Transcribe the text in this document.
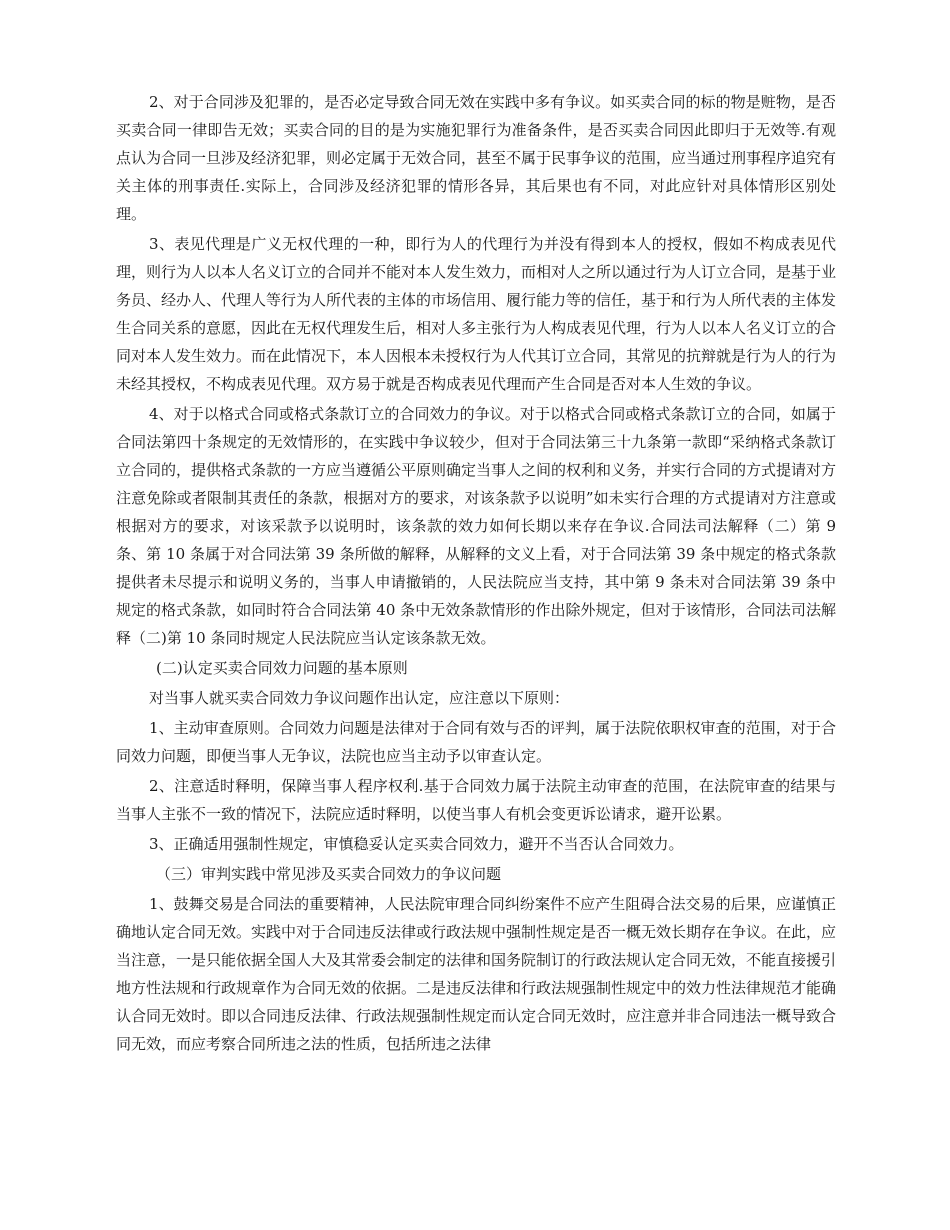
2、对于合同涉及犯罪的，是否必定导致合同无效在实践中多有争议。如买卖合同的标的物是赃物，是否买卖合同一律即告无效；买卖合同的目的是为实施犯罪行为准备条件，是否买卖合同因此即归于无效等.有观点认为合同一旦涉及经济犯罪，则必定属于无效合同，甚至不属于民事争议的范围，应当通过刑事程序追究有关主体的刑事责任.实际上，合同涉及经济犯罪的情形各异，其后果也有不同，对此应针对具体情形区别处理。

3、表见代理是广义无权代理的一种，即行为人的代理行为并没有得到本人的授权，假如不构成表见代理，则行为人以本人名义订立的合同并不能对本人发生效力，而相对人之所以通过行为人订立合同，是基于业务员、经办人、代理人等行为人所代表的主体的市场信用、履行能力等的信任，基于和行为人所代表的主体发生合同关系的意愿，因此在无权代理发生后，相对人多主张行为人构成表见代理，行为人以本人名义订立的合同对本人发生效力。而在此情况下，本人因根本未授权行为人代其订立合同，其常见的抗辩就是行为人的行为未经其授权，不构成表见代理。双方易于就是否构成表见代理而产生合同是否对本人生效的争议。

4、对于以格式合同或格式条款订立的合同效力的争议。对于以格式合同或格式条款订立的合同，如属于合同法第四十条规定的无效情形的，在实践中争议较少，但对于合同法第三十九条第一款即“采纳格式条款订立合同的，提供格式条款的一方应当遵循公平原则确定当事人之间的权利和义务，并实行合同的方式提请对方注意免除或者限制其责任的条款，根据对方的要求，对该条款予以说明”如未实行合理的方式提请对方注意或根据对方的要求，对该采款予以说明时，该条款的效力如何长期以来存在争议.合同法司法解释（二）第 9 条、第 10 条属于对合同法第 39 条所做的解释，从解释的文义上看，对于合同法第 39 条中规定的格式条款提供者未尽提示和说明义务的，当事人申请撤销的，人民法院应当支持，其中第 9 条未对合同法第 39 条中规定的格式条款，如同时符合合同法第 40 条中无效条款情形的作出除外规定，但对于该情形，合同法司法解释（二)第 10 条同时规定人民法院应当认定该条款无效。

(二)认定买卖合同效力问题的基本原则

对当事人就买卖合同效力争议问题作出认定，应注意以下原则：

1、主动审查原则。合同效力问题是法律对于合同有效与否的评判，属于法院依职权审查的范围，对于合同效力问题，即便当事人无争议，法院也应当主动予以审查认定。

2、注意适时释明，保障当事人程序权利.基于合同效力属于法院主动审查的范围，在法院审查的结果与当事人主张不一致的情况下，法院应适时释明，以使当事人有机会变更诉讼请求，避开讼累。

3、正确适用强制性规定，审慎稳妥认定买卖合同效力，避开不当否认合同效力。

（三）审判实践中常见涉及买卖合同效力的争议问题

1、鼓舞交易是合同法的重要精神，人民法院审理合同纠纷案件不应产生阻碍合法交易的后果，应谨慎正确地认定合同无效。实践中对于合同违反法律或行政法规中强制性规定是否一概无效长期存在争议。在此，应当注意，一是只能依据全国人大及其常委会制定的法律和国务院制订的行政法规认定合同无效，不能直接援引地方性法规和行政规章作为合同无效的依据。二是违反法律和行政法规强制性规定中的效力性法律规范才能确认合同无效时。即以合同违反法律、行政法规强制性规定而认定合同无效时，应注意并非合同违法一概导致合同无效，而应考察合同所违之法的性质，包括所违之法律
